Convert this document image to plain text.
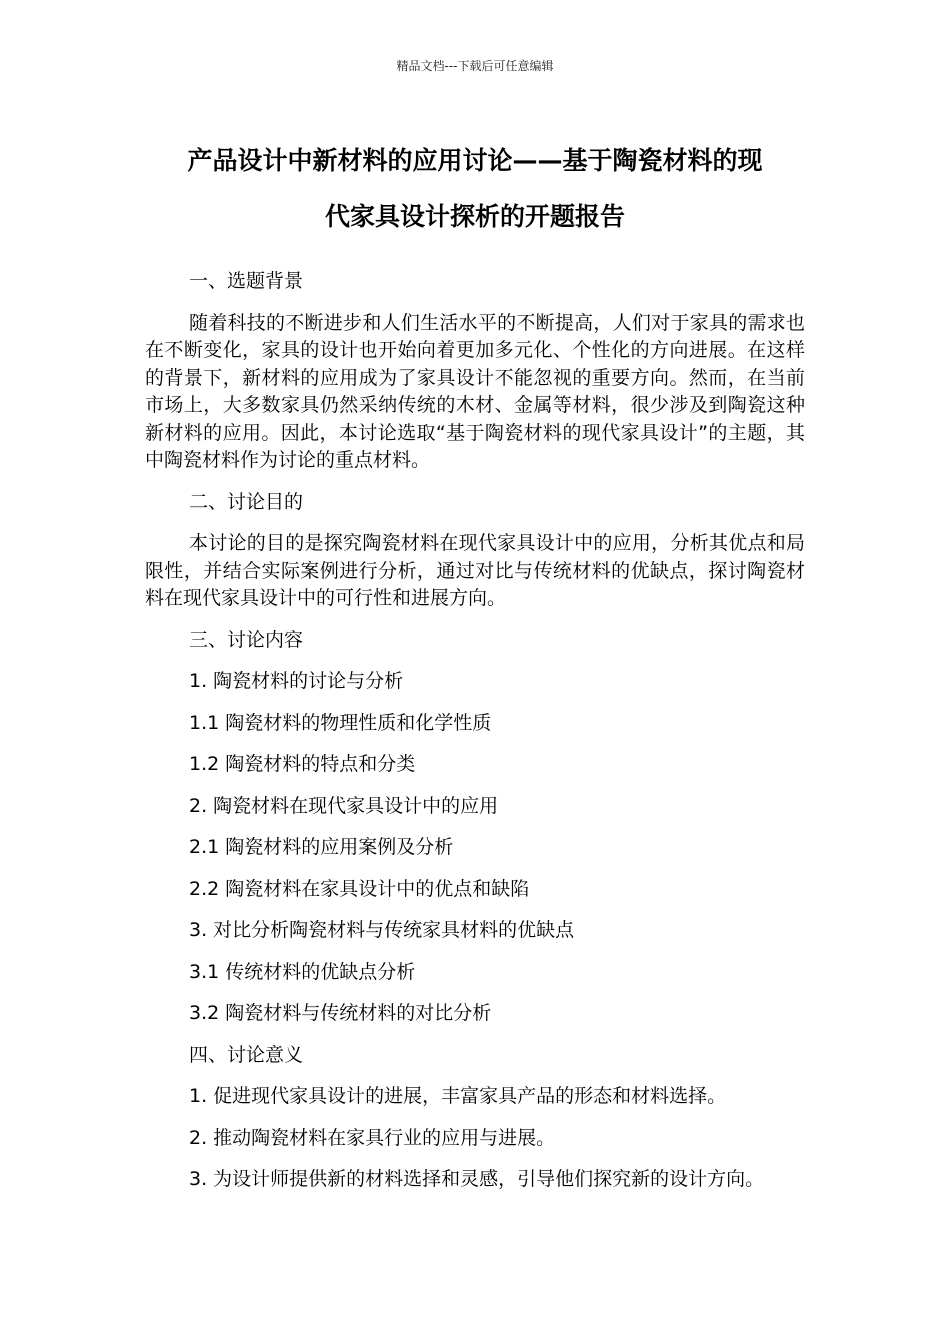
精品文档---下载后可任意编辑
产品设计中新材料的应用讨论——基于陶瓷材料的现
代家具设计探析的开题报告

一、选题背景

随着科技的不断进步和人们生活水平的不断提高，人们对于家具的需求也在不断变化，家具的设计也开始向着更加多元化、个性化的方向进展。在这样的背景下，新材料的应用成为了家具设计不能忽视的重要方向。然而，在当前市场上，大多数家具仍然采纳传统的木材、金属等材料，很少涉及到陶瓷这种新材料的应用。因此，本讨论选取“基于陶瓷材料的现代家具设计”的主题，其中陶瓷材料作为讨论的重点材料。

二、讨论目的

本讨论的目的是探究陶瓷材料在现代家具设计中的应用，分析其优点和局限性，并结合实际案例进行分析，通过对比与传统材料的优缺点，探讨陶瓷材料在现代家具设计中的可行性和进展方向。

三、讨论内容

1. 陶瓷材料的讨论与分析

1.1 陶瓷材料的物理性质和化学性质

1.2 陶瓷材料的特点和分类

2. 陶瓷材料在现代家具设计中的应用

2.1 陶瓷材料的应用案例及分析

2.2 陶瓷材料在家具设计中的优点和缺陷

3. 对比分析陶瓷材料与传统家具材料的优缺点

3.1 传统材料的优缺点分析

3.2 陶瓷材料与传统材料的对比分析

四、讨论意义

1. 促进现代家具设计的进展，丰富家具产品的形态和材料选择。

2. 推动陶瓷材料在家具行业的应用与进展。

3. 为设计师提供新的材料选择和灵感，引导他们探究新的设计方向。
